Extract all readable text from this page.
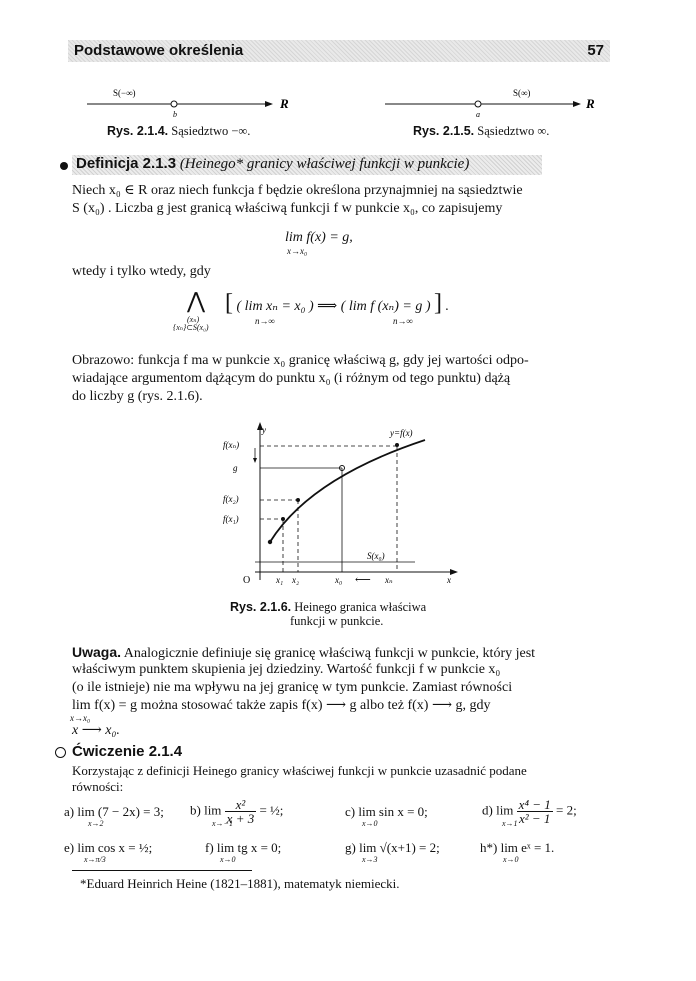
Podstawowe określenia	57
S(−∞)
b
R
Rys. 2.1.4. Sąsiedztwo −∞.
S(∞)
a
R
Rys. 2.1.5. Sąsiedztwo ∞.
Definicja 2.1.3 (Heinego* granicy właściwej funkcji w punkcie)
Niech x₀ ∈ R oraz niech funkcja f będzie określona przynajmniej na sąsiedztwie
S (x₀) . Liczba g jest granicą właściwą funkcji f w punkcie x₀, co zapisujemy
lim f(x) = g,
x→x₀
wtedy i tylko wtedy, gdy
⋀
(xₙ)
{xₙ}⊂S(x₀)
[ ( lim xₙ = x₀ ) ⟹ ( lim f (xₙ) = g ) ] .
n→∞	n→∞
Obrazowo: funkcja f ma w punkcie x₀ granicę właściwą g, gdy jej wartości odpo-
wiadające argumentom dążącym do punktu x₀ (i różnym od tego punktu) dążą
do liczby g (rys. 2.1.6).
y	y=f(x)
f(xₙ)
g
f(x₂)
f(x₁)
S(x₀)
O	x₁ x₂	x₀ ⟵ xₙ	x
Rys. 2.1.6. Heinego granica właściwa
funkcji w punkcie.
Uwaga. Analogicznie definiuje się granicę właściwą funkcji w punkcie, który jest
właściwym punktem skupienia jej dziedziny. Wartość funkcji f w punkcie x₀
(o ile istnieje) nie ma wpływu na jej granicę w tym punkcie. Zamiast równości
lim f(x) = g można stosować także zapis f(x) ⟶ g albo też f(x) ⟶ g, gdy
x→x₀
x ⟶ x₀.
Ćwiczenie 2.1.4
Korzystając z definicji Heinego granicy właściwej funkcji w punkcie uzasadnić podane
równości:
a) lim (7 − 2x) = 3;
x→2
b) $\lim \frac{\text{x²}}{x + 3}$ = ½;
x→−1
c) lim sin x = 0;
x→0
d) $\lim \frac{\text{x⁴ − 1}}{\text{x² − 1}} = 2$;
x→1
e) lim cos x = ½;
x→π/3
f) lim tg x = 0;
x→0
g) lim √(x+1) = 2;
x→3
h*) lim eˣ = 1.
x→0
*Eduard Heinrich Heine (1821–1881), matematyk niemiecki.
